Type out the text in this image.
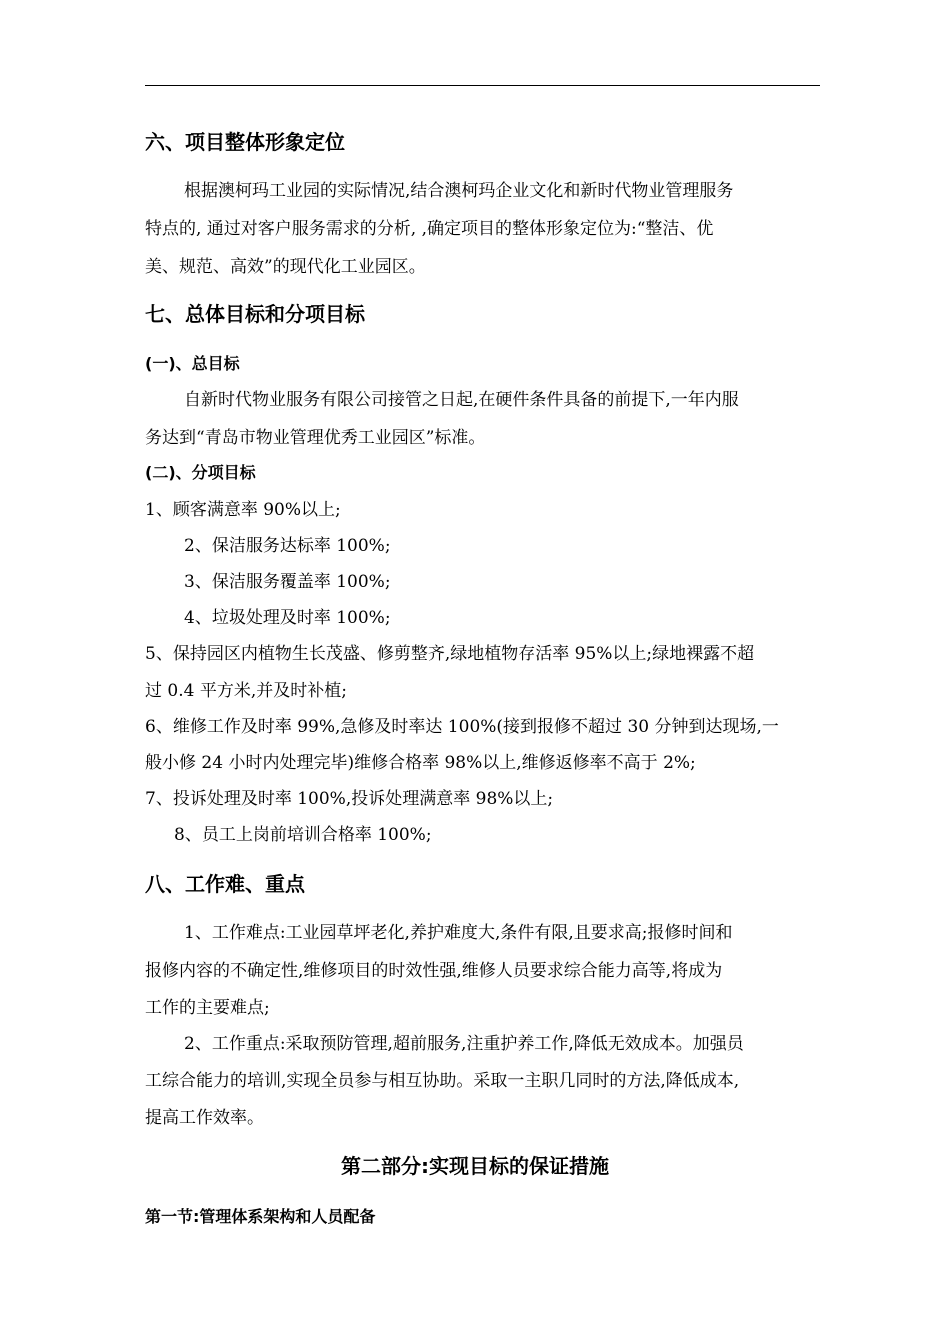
六、项目整体形象定位
根据澳柯玛工业园的实际情况,结合澳柯玛企业文化和新时代物业管理服务
特点的, 通过对客户服务需求的分析, ,确定项目的整体形象定位为:“整洁、优
美、规范、高效”的现代化工业园区。
七、总体目标和分项目标
(一)、总目标
自新时代物业服务有限公司接管之日起,在硬件条件具备的前提下,一年内服
务达到“青岛市物业管理优秀工业园区”标准。
(二)、分项目标
1、顾客满意率 90%以上;
2、保洁服务达标率 100%;
3、保洁服务覆盖率 100%;
4、垃圾处理及时率 100%;
5、保持园区内植物生长茂盛、修剪整齐,绿地植物存活率 95%以上;绿地裸露不超
过 0.4 平方米,并及时补植;
6、维修工作及时率 99%,急修及时率达 100%(接到报修不超过 30 分钟到达现场,一
般小修 24 小时内处理完毕)维修合格率 98%以上,维修返修率不高于 2%;
7、投诉处理及时率 100%,投诉处理满意率 98%以上;
8、员工上岗前培训合格率 100%;
八、工作难、重点
1、工作难点:工业园草坪老化,养护难度大,条件有限,且要求高;报修时间和
报修内容的不确定性,维修项目的时效性强,维修人员要求综合能力高等,将成为
工作的主要难点;
2、工作重点:采取预防管理,超前服务,注重护养工作,降低无效成本。加强员
工综合能力的培训,实现全员参与相互协助。采取一主职几同时的方法,降低成本,
提高工作效率。
第二部分:实现目标的保证措施
第一节:管理体系架构和人员配备
